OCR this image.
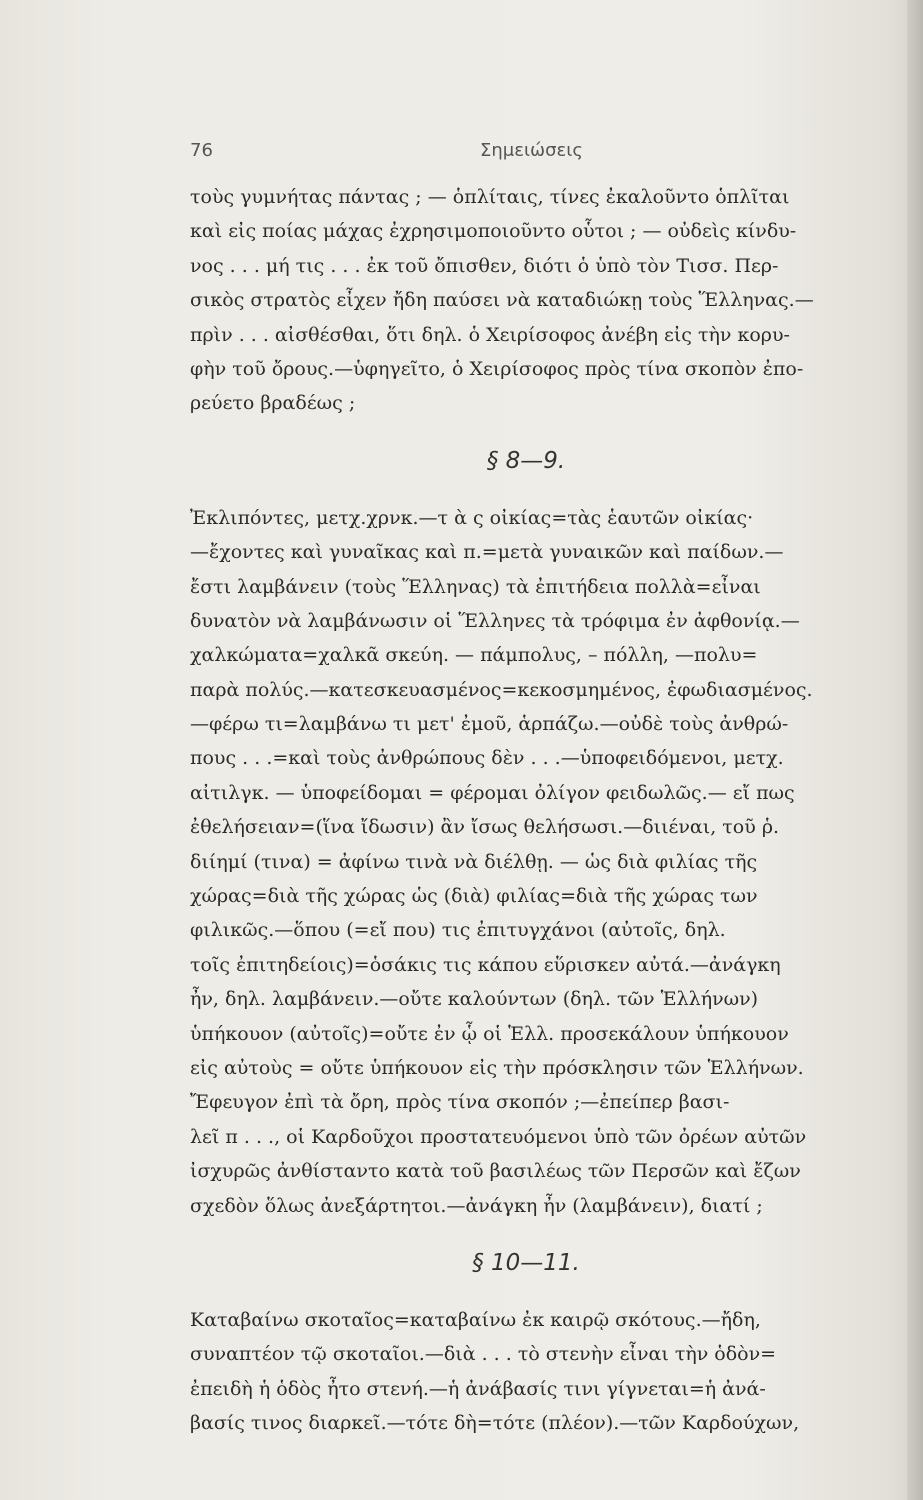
76	Σημειώσεις
τοὺς γυμνήτας πάντας ; — ὁπλίταις, τίνες ἐκαλοῦντο ὁπλῖται
καὶ εἰς ποίας μάχας ἐχρησιμοποιοῦντο οὗτοι ; — οὐδεὶς κίνδυ-
νος . . . μή τις . . . ἐκ τοῦ ὄπισθεν, διότι ὁ ὑπὸ τὸν Τισσ. Περ-
σικὸς στρατὸς εἶχεν ἤδη παύσει νὰ καταδιώκῃ τοὺς Ἕλληνας.—
πρὶν . . . αἰσθέσθαι, ὅτι δηλ. ὁ Χειρίσοφος ἀνέβη εἰς τὴν κορυ-
φὴν τοῦ ὄρους.—ὑφηγεῖτο, ὁ Χειρίσοφος πρὸς τίνα σκοπὸν ἐπο-
ρεύετο βραδέως ;
§ 8—9.
Ἐκλιπόντες, μετχ.χρνκ.—τ ὰ ς οἰκίας=τὰς ἑαυτῶν οἰκίας·
—ἔχοντες καὶ γυναῖκας καὶ π.=μετὰ γυναικῶν καὶ παίδων.—
ἔστι λαμβάνειν (τοὺς Ἕλληνας) τὰ ἐπιτήδεια πολλὰ=εἶναι
δυνατὸν νὰ λαμβάνωσιν οἱ Ἕλληνες τὰ τρόφιμα ἐν ἀφθονίᾳ.—
χαλκώματα=χαλκᾶ σκεύη. — πάμπολυς, – πόλλη, —πολυ=
παρὰ πολύς.—κατεσκευασμένος=κεκοσμημένος, ἐφωδιασμένος.
—φέρω τι=λαμβάνω τι μετ' ἐμοῦ, ἁρπάζω.—οὐδὲ τοὺς ἀνθρώ-
πους . . .=καὶ τοὺς ἀνθρώπους δὲν . . .—ὑποφειδόμενοι, μετχ.
αἰτιλγκ. — ὑποφείδομαι = φέρομαι ὀλίγον φειδωλῶς.— εἴ πως
ἐθελήσειαν=(ἵνα ἴδωσιν) ἂν ἴσως θελήσωσι.—διιέναι, τοῦ ῥ.
διίημί (τινα) = ἀφίνω τινὰ νὰ διέλθῃ. — ὡς διὰ φιλίας τῆς
χώρας=διὰ τῆς χώρας ὡς (διὰ) φιλίας=διὰ τῆς χώρας των
φιλικῶς.—ὅπου (=εἴ που) τις ἐπιτυγχάνοι (αὐτοῖς, δηλ.
τοῖς ἐπιτηδείοις)=ὁσάκις τις κάπου εὕρισκεν αὐτά.—ἀνάγκη
ἦν, δηλ. λαμβάνειν.—οὔτε καλούντων (δηλ. τῶν Ἑλλήνων)
ὑπήκουον (αὐτοῖς)=οὔτε ἐν ᾧ οἱ Ἑλλ. προσεκάλουν ὑπήκουον
εἰς αὐτοὺς = οὔτε ὑπήκουον εἰς τὴν πρόσκλησιν τῶν Ἑλλήνων.
Ἔφευγον ἐπὶ τὰ ὄρη, πρὸς τίνα σκοπόν ;—ἐπείπερ βασι-
λεῖ π . . ., οἱ Καρδοῦχοι προστατευόμενοι ὑπὸ τῶν ὀρέων αὐτῶν
ἰσχυρῶς ἀνθίσταντο κατὰ τοῦ βασιλέως τῶν Περσῶν καὶ ἔζων
σχεδὸν ὅλως ἀνεξάρτητοι.—ἀνάγκη ἦν (λαμβάνειν), διατί ;
§ 10—11.
Καταβαίνω σκοταῖος=καταβαίνω ἐκ καιρῷ σκότους.—ἤδη,
συναπτέον τῷ σκοταῖοι.—διὰ . . . τὸ στενὴν εἶναι τὴν ὁδὸν=
ἐπειδὴ ἡ ὁδὸς ἦτο στενή.—ἡ ἀνάβασίς τινι γίγνεται=ἡ ἀνά-
βασίς τινος διαρκεῖ.—τότε δὴ=τότε (πλέον).—τῶν Καρδούχων,
